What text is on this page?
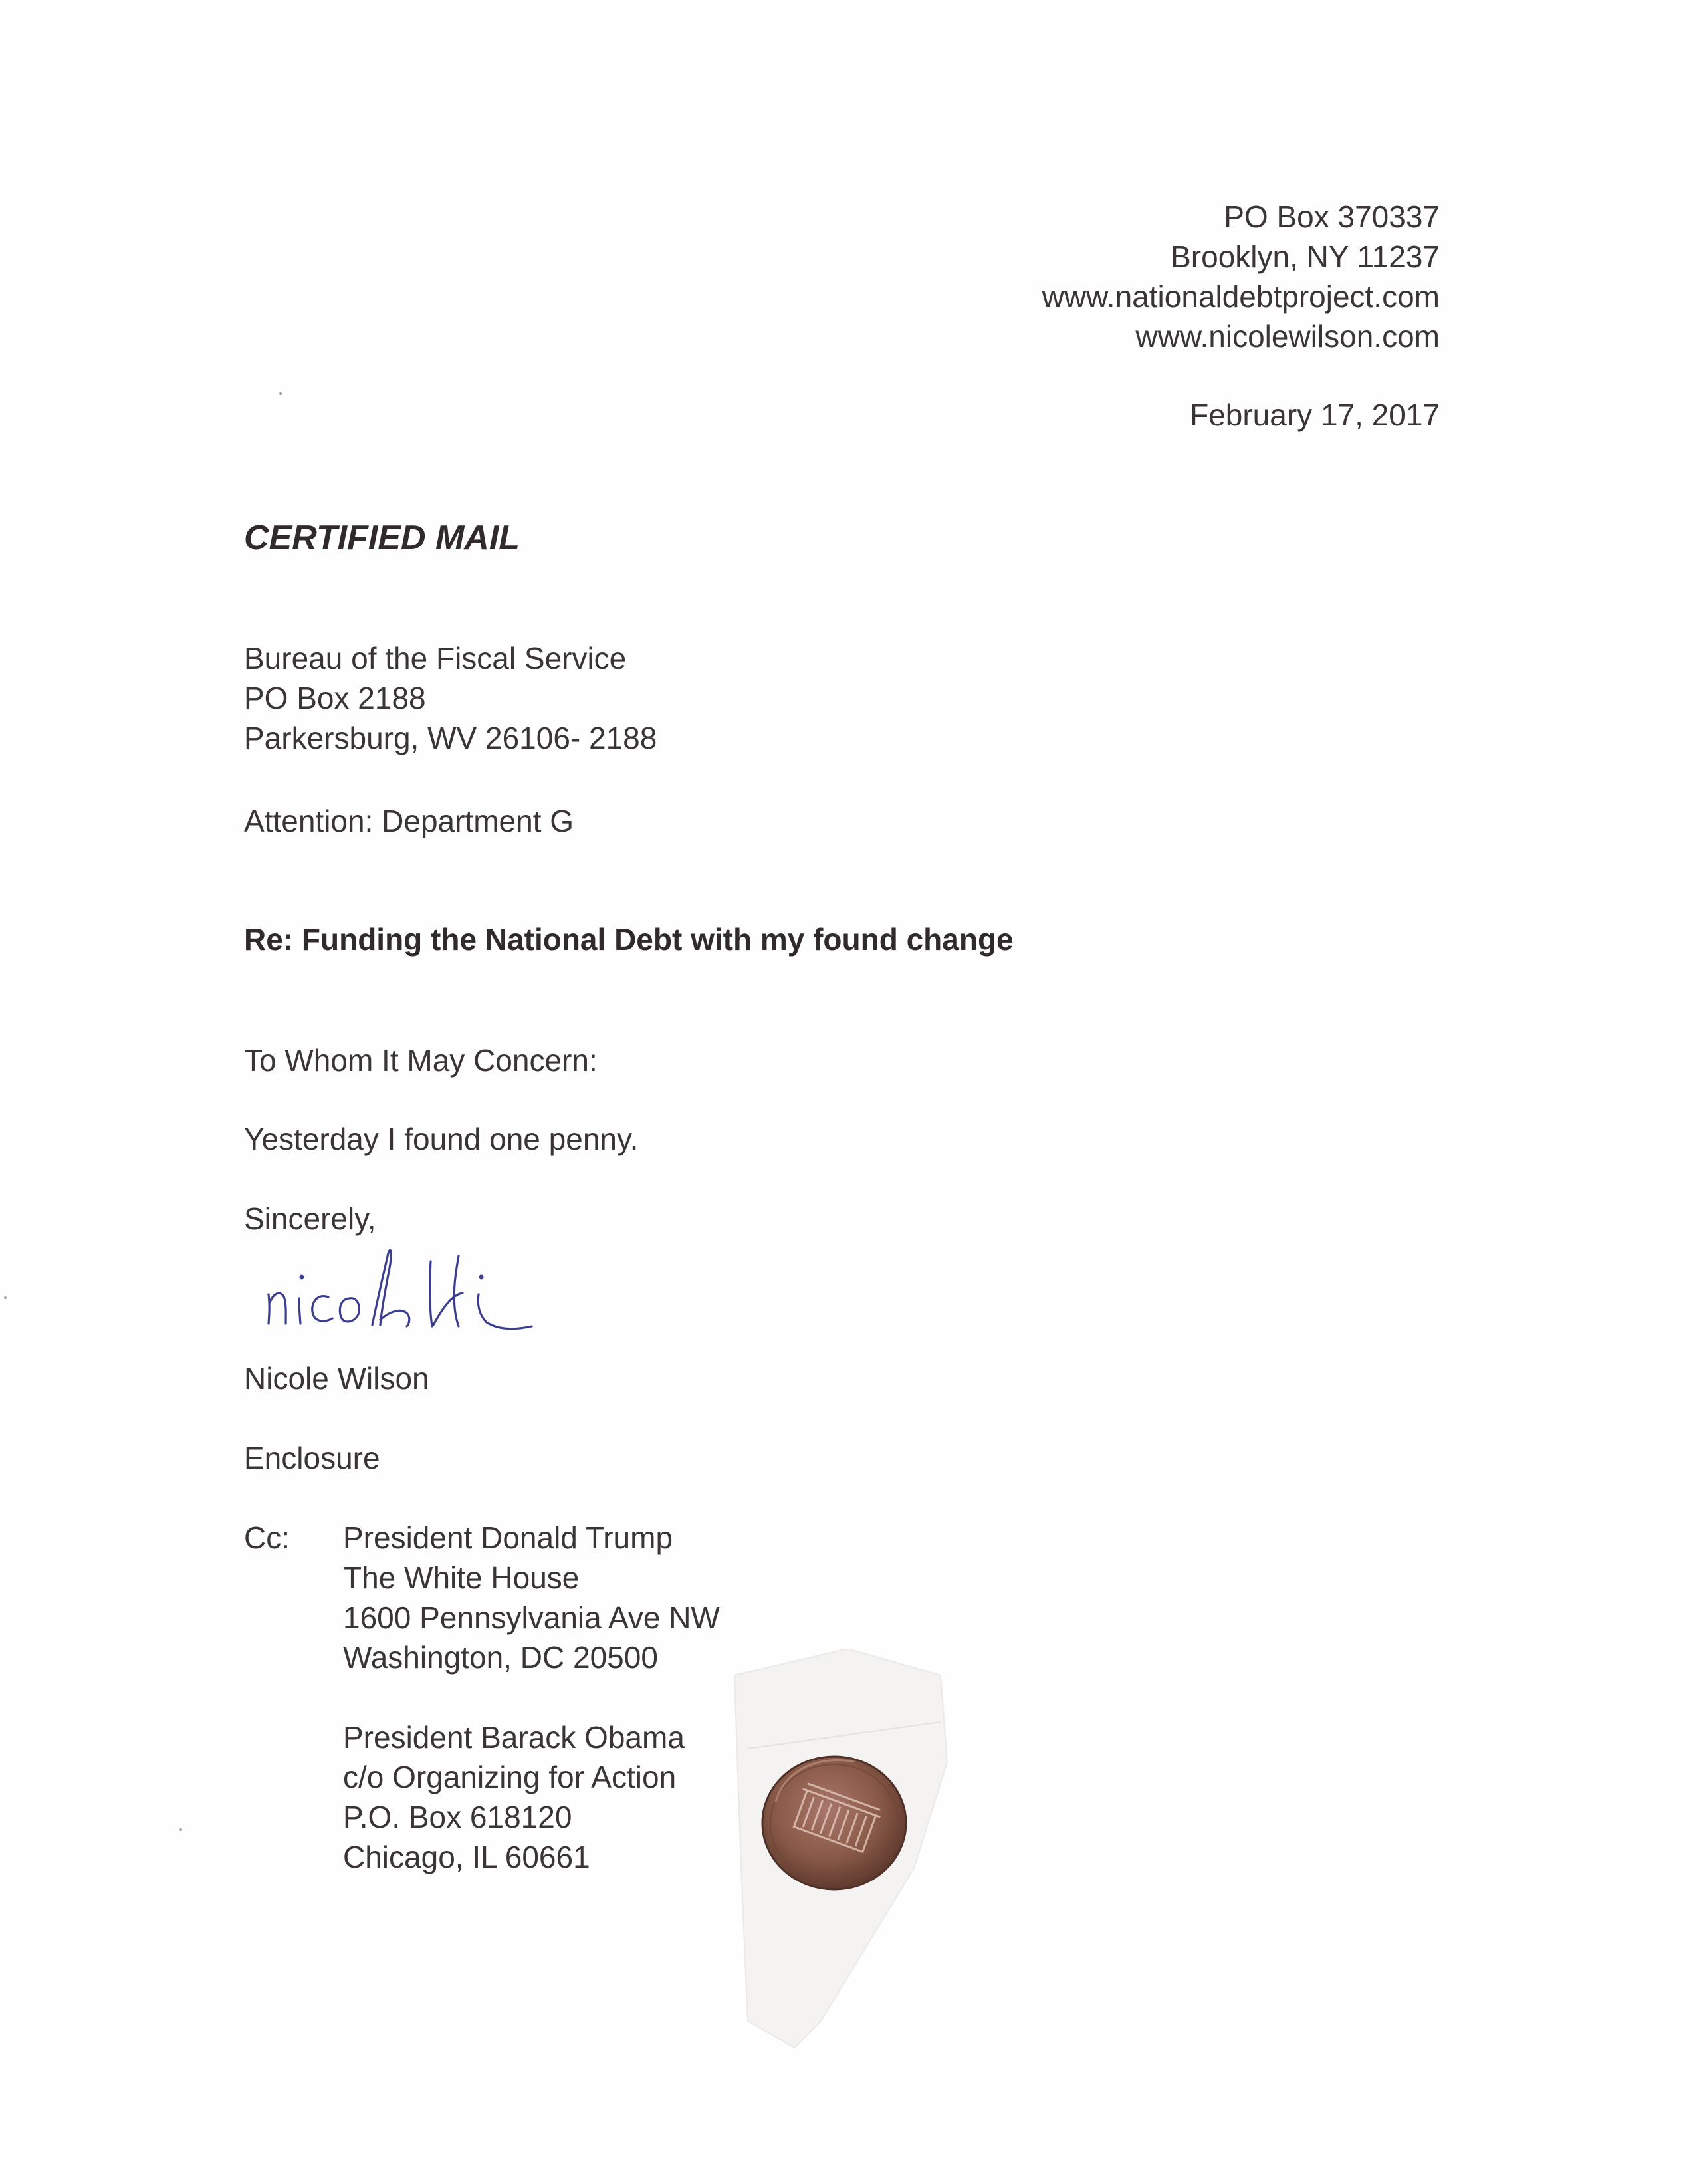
PO Box 370337
Brooklyn, NY 11237
www.nationaldebtproject.com
www.nicolewilson.com
February 17, 2017
CERTIFIED MAIL
Bureau of the Fiscal Service
PO Box 2188
Parkersburg, WV 26106- 2188
Attention: Department G
Re: Funding the National Debt with my found change
To Whom It May Concern:
Yesterday I found one penny.
Sincerely,
Nicole Wilson
Enclosure
Cc: President Donald Trump
The White House
1600 Pennsylvania Ave NW
Washington, DC 20500
President Barack Obama
c/o Organizing for Action
P.O. Box 618120
Chicago, IL 60661
